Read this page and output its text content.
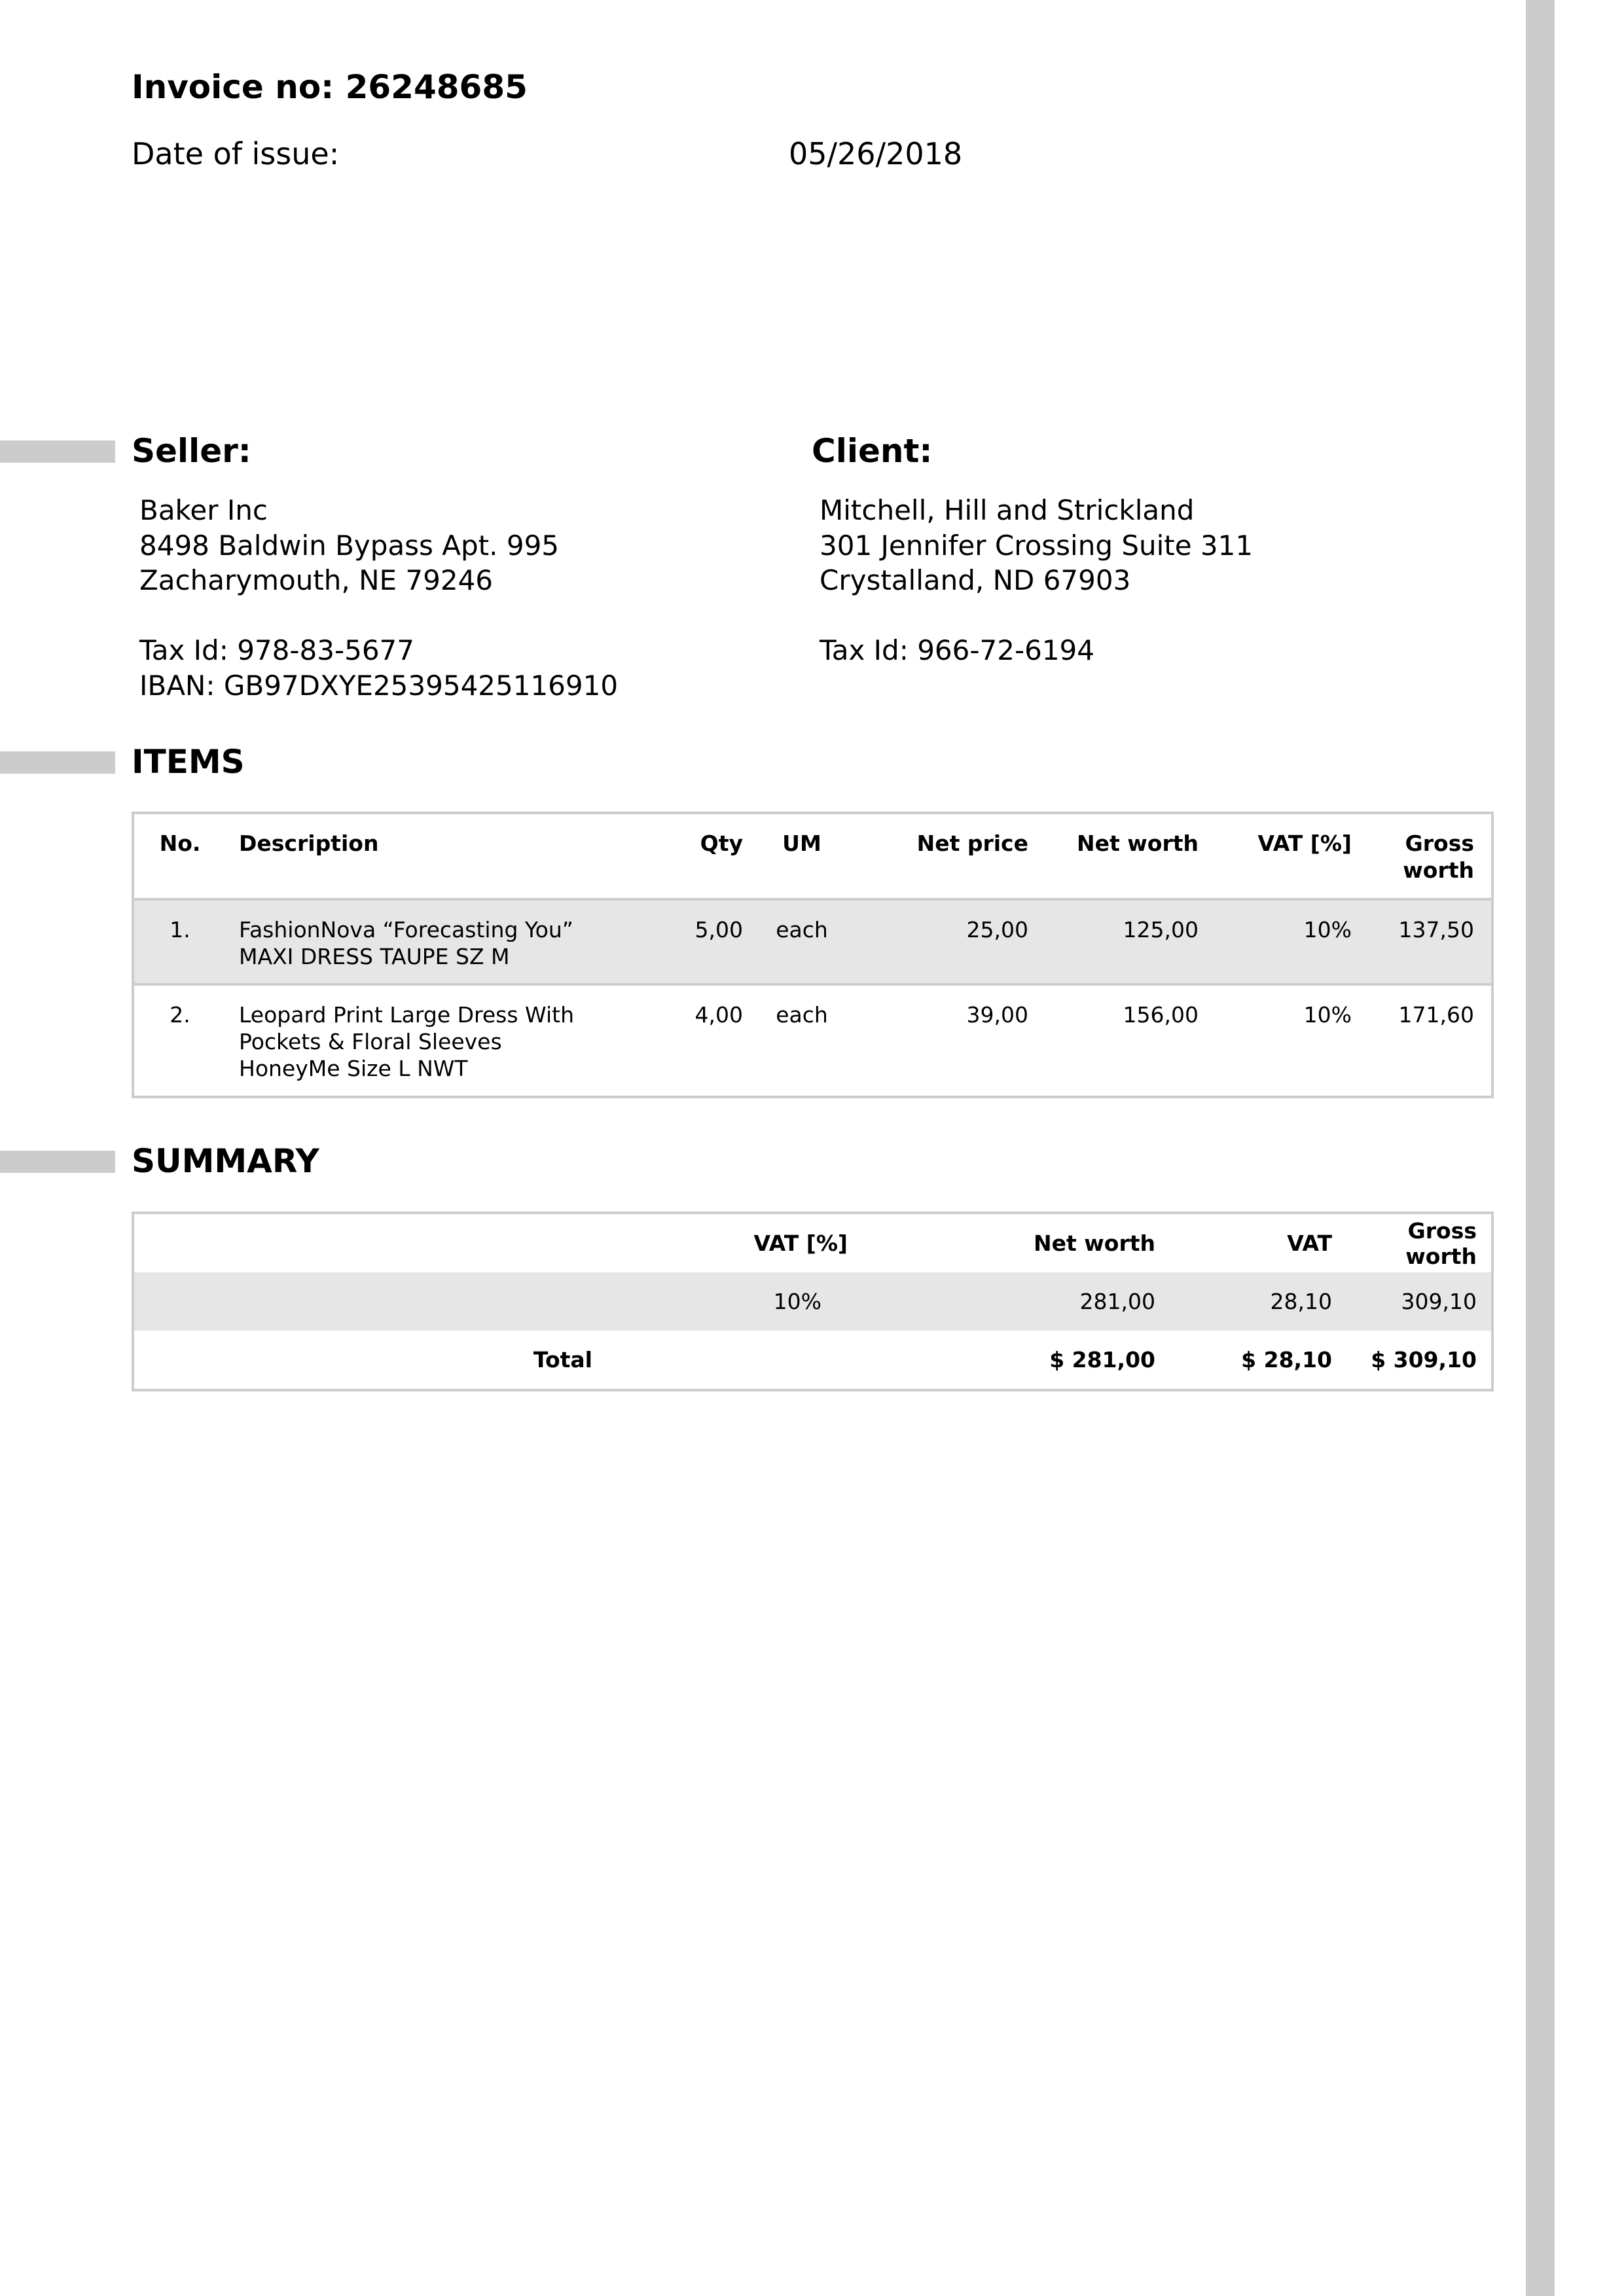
Invoice no: 26248685
Date of issue:	05/26/2018
Seller:
Baker Inc
8498 Baldwin Bypass Apt. 995
Zacharymouth, NE 79246

Tax Id: 978-83-5677
IBAN: GB97DXYE25395425116910
Client:
Mitchell, Hill and Strickland
301 Jennifer Crossing Suite 311
Crystalland, ND 67903

Tax Id: 966-72-6194
ITEMS
No.	Description	Qty	UM	Net price	Net worth	VAT [%]	Gross worth
1.	FashionNova “Forecasting You”
MAXI DRESS TAUPE SZ M	5,00	each	25,00	125,00	10%	137,50
2.	Leopard Print Large Dress With
Pockets & Floral Sleeves
HoneyMe Size L NWT	4,00	each	39,00	156,00	10%	171,60
SUMMARY
	VAT [%]	Net worth	VAT	Gross worth
	10%	281,00	28,10	309,10
Total		$ 281,00	$ 28,10	$ 309,10
